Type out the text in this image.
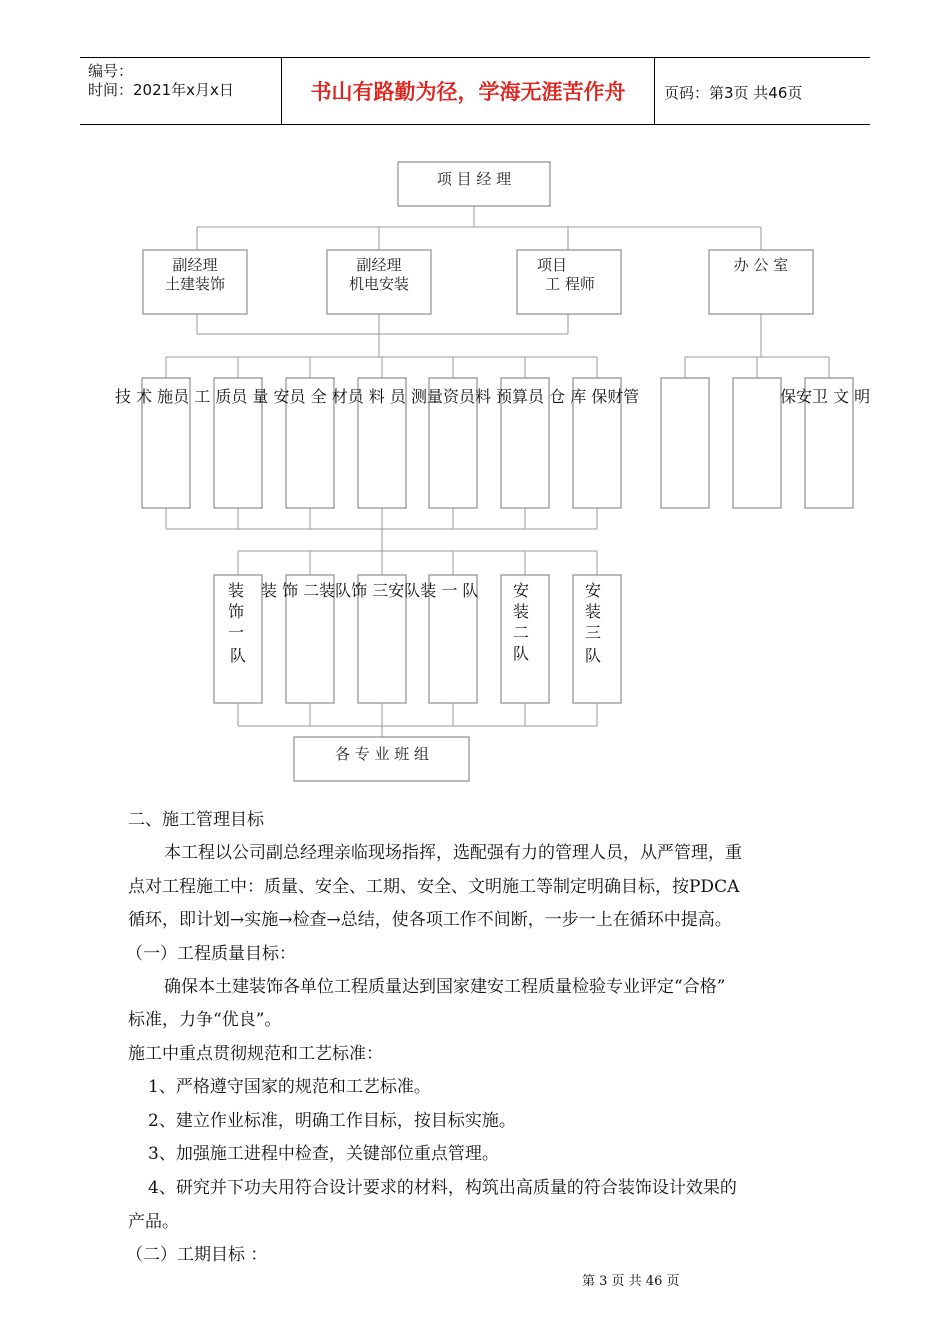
编号：
时间：2021年x月x日	书山有路勤为径，学海无涯苦作舟	页码：第3页 共46页
项 目 经 理
副经理
土建装饰
副经理
机电安装
项目
工 程师
办 公 室
技 术 施员 工 质员 量 安员 全 材员 料 员 测量资员料 预算员 仓 库 保财管	保安卫 文 明
装
饰
一
队
装 饰 二装队饰 三安队装 一 队 安
装
二
队
安
装
三
队
各 专 业 班 组
二、施工管理目标
本工程以公司副总经理亲临现场指挥，选配强有力的管理人员，从严管理，重
点对工程施工中：质量、安全、工期、安全、文明施工等制定明确目标，按PDCA
循环，即计划→实施→检查→总结，使各项工作不间断，一步一上在循环中提高。
（一）工程质量目标：
确保本土建装饰各单位工程质量达到国家建安工程质量检验专业评定“合格”
标准，力争“优良”。
施工中重点贯彻规范和工艺标准：
1、严格遵守国家的规范和工艺标准。
2、建立作业标准，明确工作目标，按目标实施。
3、加强施工进程中检查，关键部位重点管理。
4、研究并下功夫用符合设计要求的材料，构筑出高质量的符合装饰设计效果的
产品。
（二）工期目标 ：
第 3 页 共 46 页
